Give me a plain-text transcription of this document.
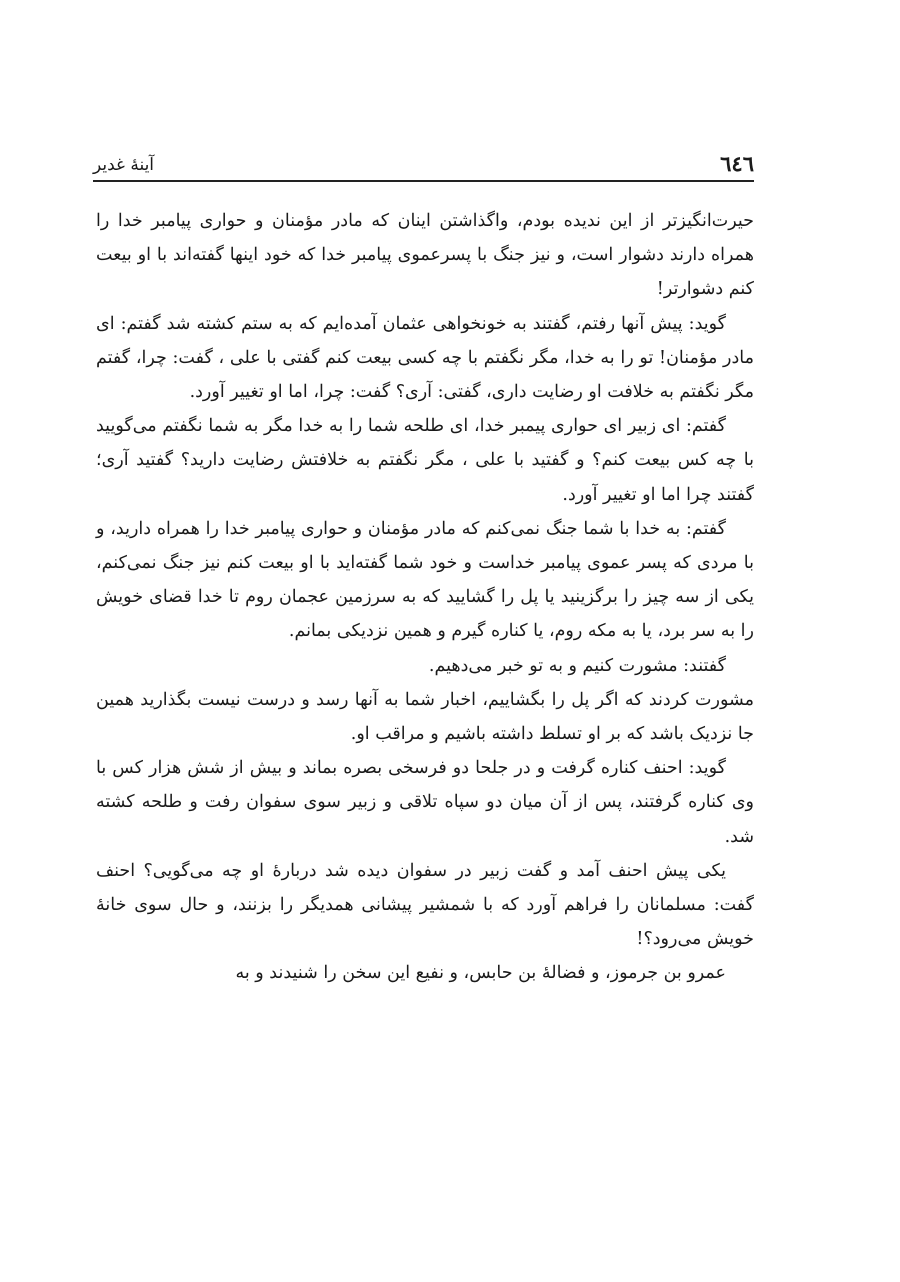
٦٤٦
آینهٔ غدیر

حیرت‌انگیزتر از این ندیده بودم، واگذاشتن اینان که مادر مؤمنان و حواری پیامبر خدا را همراه دارند دشوار است، و نیز جنگ با پسرعموی پیامبر خدا که خود اینها گفته‌اند با او بیعت کنم دشوارتر!

گوید: پیش آنها رفتم، گفتند به خونخواهی عثمان آمده‌ایم که به ستم کشته شد گفتم: ای مادر مؤمنان! تو را به خدا، مگر نگفتم با چه کسی بیعت کنم گفتی با علی ، گفت: چرا، گفتم مگر نگفتم به خلافت او رضایت داری، گفتی: آری؟ گفت: چرا، اما او تغییر آورد.

گفتم: ای زبیر ای حواری پیمبر خدا، ای طلحه شما را به خدا مگر به شما نگفتم می‌گویید با چه کس بیعت کنم؟ و گفتید با علی ، مگر نگفتم به خلافتش رضایت دارید؟ گفتید آری؛ گفتند چرا اما او تغییر آورد.

گفتم: به خدا با شما جنگ نمی‌کنم که مادر مؤمنان و حواری پیامبر خدا را همراه دارید، و با مردی که پسر عموی پیامبر خداست و خود شما گفته‌اید با او بیعت کنم نیز جنگ نمی‌کنم، یکی از سه چیز را برگزینید یا پل را گشایید که به سرزمین عجمان روم تا خدا قضای خویش را به سر برد، یا به مکه روم، یا کناره گیرم و همین نزدیکی بمانم.

گفتند: مشورت کنیم و به تو خبر می‌دهیم.

مشورت کردند که اگر پل را بگشاییم، اخبار شما به آنها رسد و درست نیست بگذارید همین جا نزدیک باشد که بر او تسلط داشته باشیم و مراقب او.

گوید: احنف کناره گرفت و در جلحا دو فرسخی بصره بماند و بیش از شش هزار کس با وی کناره گرفتند، پس از آن میان دو سپاه تلاقی و زبیر سوی سفوان رفت و طلحه کشته شد.

یکی پیش احنف آمد و گفت زبیر در سفوان دیده شد دربارهٔ او چه می‌گویی؟ احنف گفت: مسلمانان را فراهم آورد که با شمشیر پیشانی همدیگر را بزنند، و حال سوی خانهٔ خویش می‌رود؟!

عمرو بن جرموز، و فضالهٔ بن حابس، و نفیع این سخن را شنیدند و به
